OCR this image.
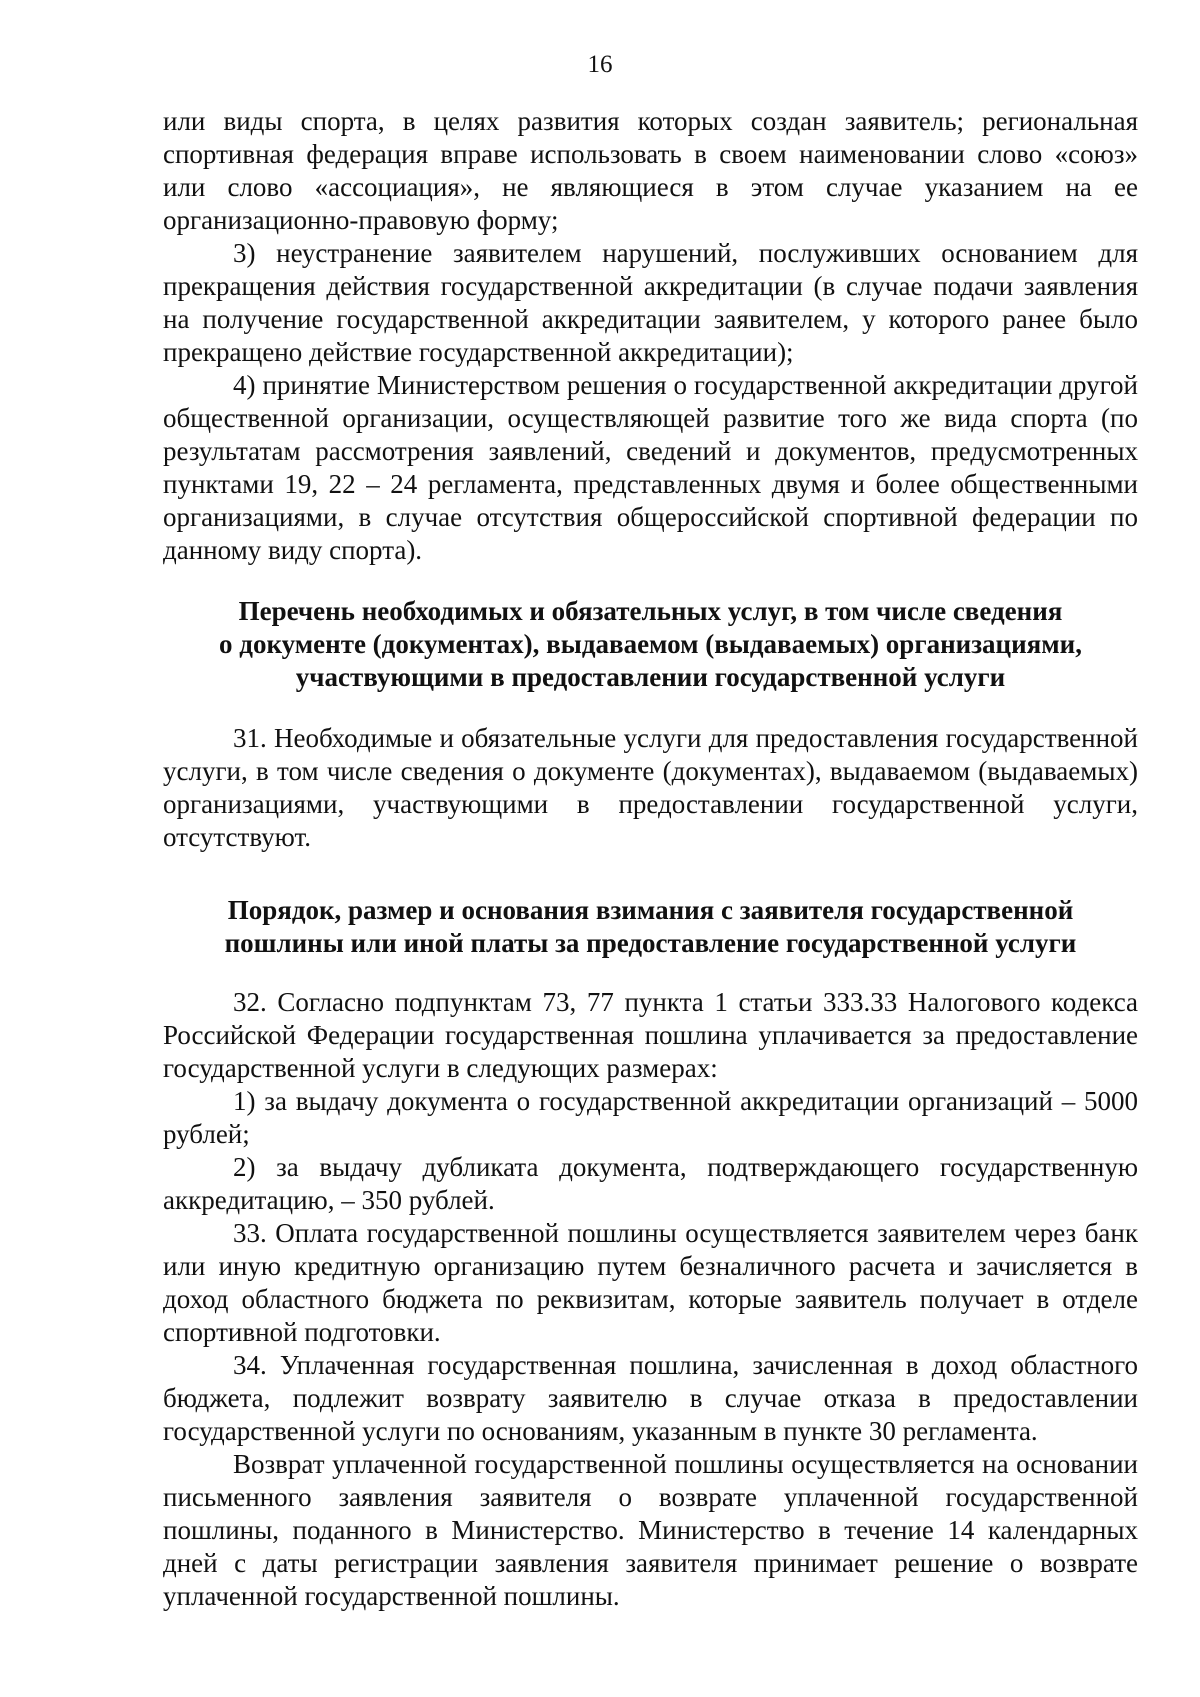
16

или виды спорта, в целях развития которых создан заявитель; региональная спортивная федерация вправе использовать в своем наименовании слово «союз» или слово «ассоциация», не являющиеся в этом случае указанием на ее организационно-правовую форму;

3) неустранение заявителем нарушений, послуживших основанием для прекращения действия государственной аккредитации (в случае подачи заявления на получение государственной аккредитации заявителем, у которого ранее было прекращено действие государственной аккредитации);

4) принятие Министерством решения о государственной аккредитации другой общественной организации, осуществляющей развитие того же вида спорта (по результатам рассмотрения заявлений, сведений и документов, предусмотренных пунктами 19, 22 – 24 регламента, представленных двумя и более общественными организациями, в случае отсутствия общероссийской спортивной федерации по данному виду спорта).

Перечень необходимых и обязательных услуг, в том числе сведения

о документе (документах), выдаваемом (выдаваемых) организациями,

участвующими в предоставлении государственной услуги

31. Необходимые и обязательные услуги для предоставления государственной услуги, в том числе сведения о документе (документах), выдаваемом (выдаваемых) организациями, участвующими в предоставлении государственной услуги, отсутствуют.

Порядок, размер и основания взимания с заявителя государственной

пошлины или иной платы за предоставление государственной услуги

32. Согласно подпунктам 73, 77 пункта 1 статьи 333.33 Налогового кодекса Российской Федерации государственная пошлина уплачивается за предоставление государственной услуги в следующих размерах:

1) за выдачу документа о государственной аккредитации организаций – 5000 рублей;

2) за выдачу дубликата документа, подтверждающего государственную аккредитацию, – 350 рублей.

33. Оплата государственной пошлины осуществляется заявителем через банк или иную кредитную организацию путем безналичного расчета и зачисляется в доход областного бюджета по реквизитам, которые заявитель получает в отделе спортивной подготовки.

34. Уплаченная государственная пошлина, зачисленная в доход областного бюджета, подлежит возврату заявителю в случае отказа в предоставлении государственной услуги по основаниям, указанным в пункте 30 регламента.

Возврат уплаченной государственной пошлины осуществляется на основании письменного заявления заявителя о возврате уплаченной государственной пошлины, поданного в Министерство. Министерство в течение 14 календарных дней с даты регистрации заявления заявителя принимает решение о возврате уплаченной государственной пошлины.
